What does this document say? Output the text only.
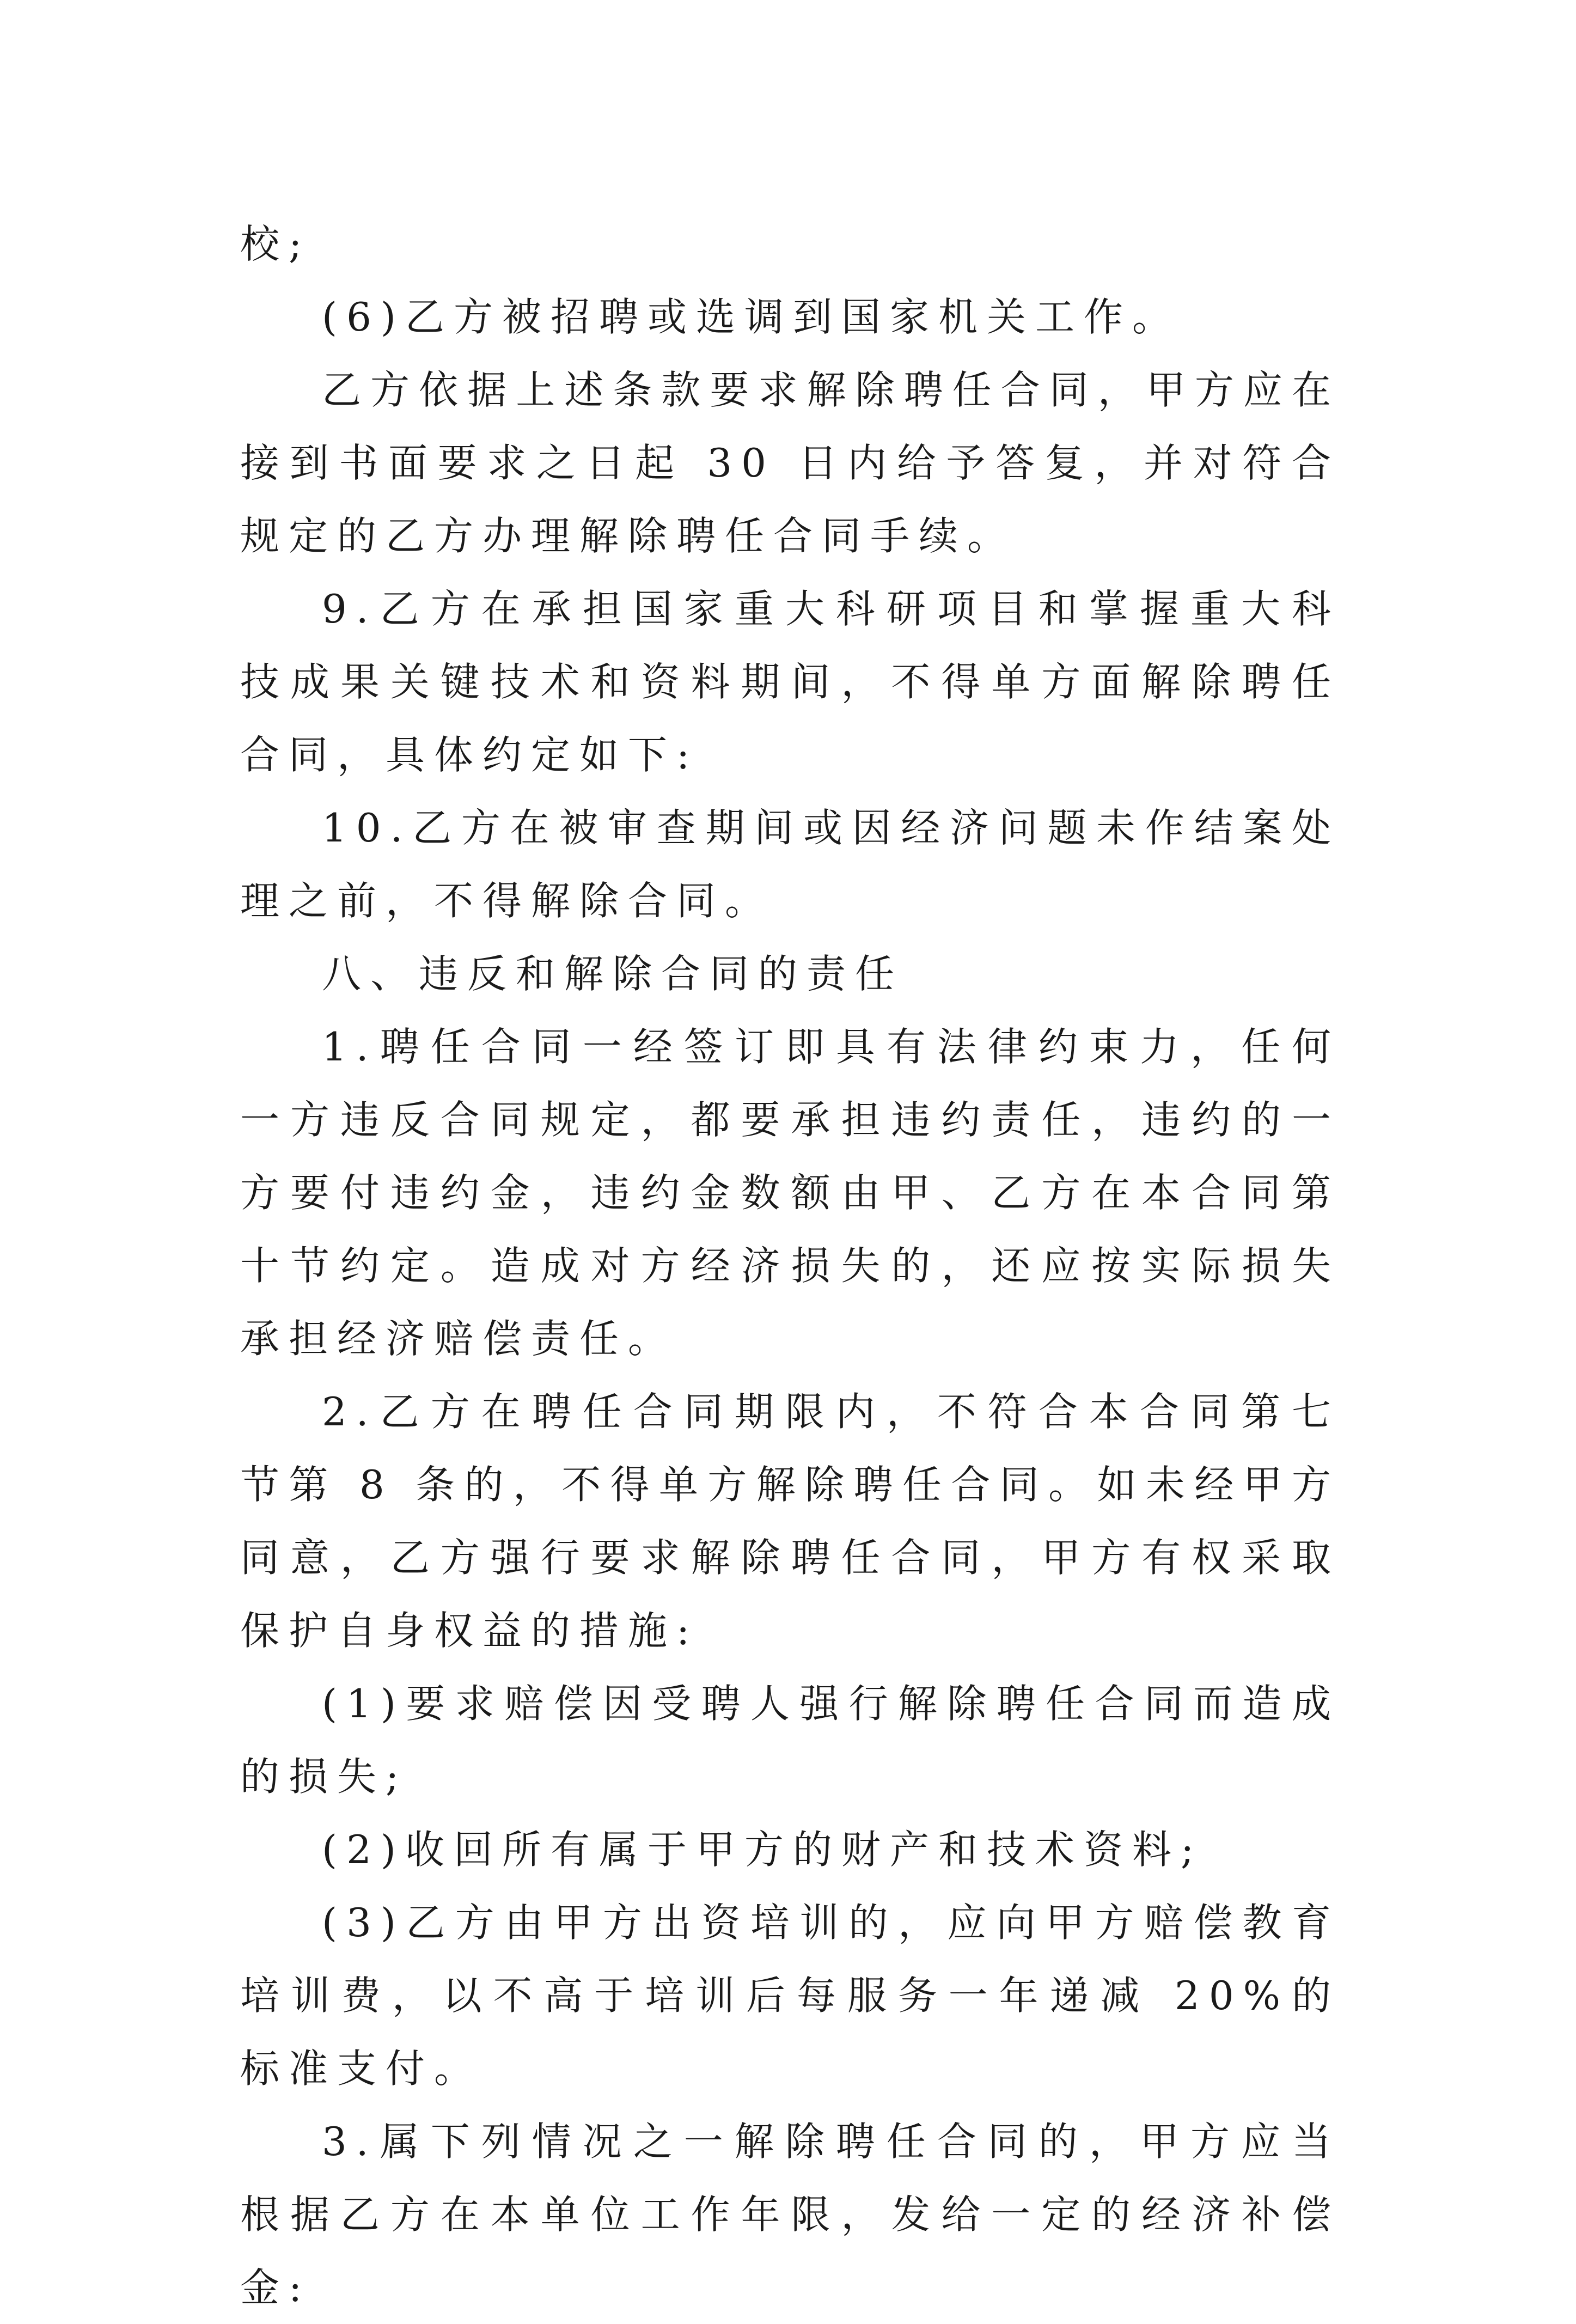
校;

(6)乙方被招聘或选调到国家机关工作。

乙方依据上述条款要求解除聘任合同，甲方应在接到书面要求之日起 30 日内给予答复，并对符合规定的乙方办理解除聘任合同手续。

9.乙方在承担国家重大科研项目和掌握重大科技成果关键技术和资料期间，不得单方面解除聘任合同，具体约定如下:

10.乙方在被审查期间或因经济问题未作结案处理之前，不得解除合同。

八、违反和解除合同的责任

1.聘任合同一经签订即具有法律约束力，任何一方违反合同规定，都要承担违约责任，违约的一方要付违约金，违约金数额由甲、乙方在本合同第十节约定。造成对方经济损失的，还应按实际损失承担经济赔偿责任。

2.乙方在聘任合同期限内，不符合本合同第七节第 8 条的，不得单方解除聘任合同。如未经甲方同意，乙方强行要求解除聘任合同，甲方有权采取保护自身权益的措施:

(1)要求赔偿因受聘人强行解除聘任合同而造成的损失;

(2)收回所有属于甲方的财产和技术资料;

(3)乙方由甲方出资培训的，应向甲方赔偿教育培训费，以不高于培训后每服务一年递减 20%的标准支付。

3.属下列情况之一解除聘任合同的，甲方应当根据乙方在本单位工作年限，发给一定的经济补偿金:
